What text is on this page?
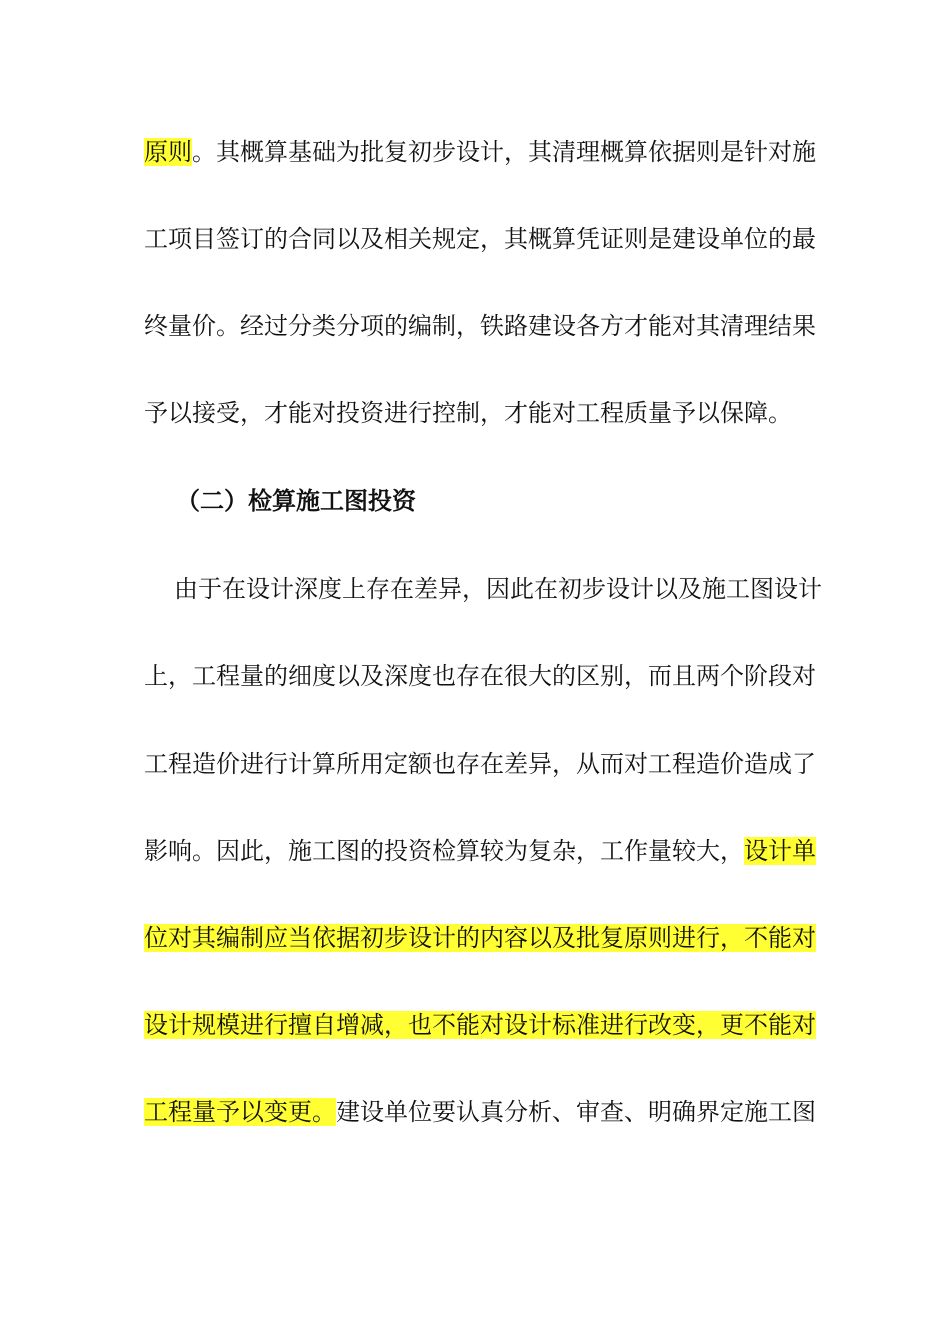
原则。其概算基础为批复初步设计，其清理概算依据则是针对施
工项目签订的合同以及相关规定，其概算凭证则是建设单位的最
终量价。经过分类分项的编制，铁路建设各方才能对其清理结果
予以接受，才能对投资进行控制，才能对工程质量予以保障。
（二）检算施工图投资
由于在设计深度上存在差异，因此在初步设计以及施工图设计
上，工程量的细度以及深度也存在很大的区别，而且两个阶段对
工程造价进行计算所用定额也存在差异，从而对工程造价造成了
影响。因此，施工图的投资检算较为复杂，工作量较大，设计单
位对其编制应当依据初步设计的内容以及批复原则进行，不能对
设计规模进行擅自增减，也不能对设计标准进行改变，更不能对
工程量予以变更。建设单位要认真分析、审查、明确界定施工图
